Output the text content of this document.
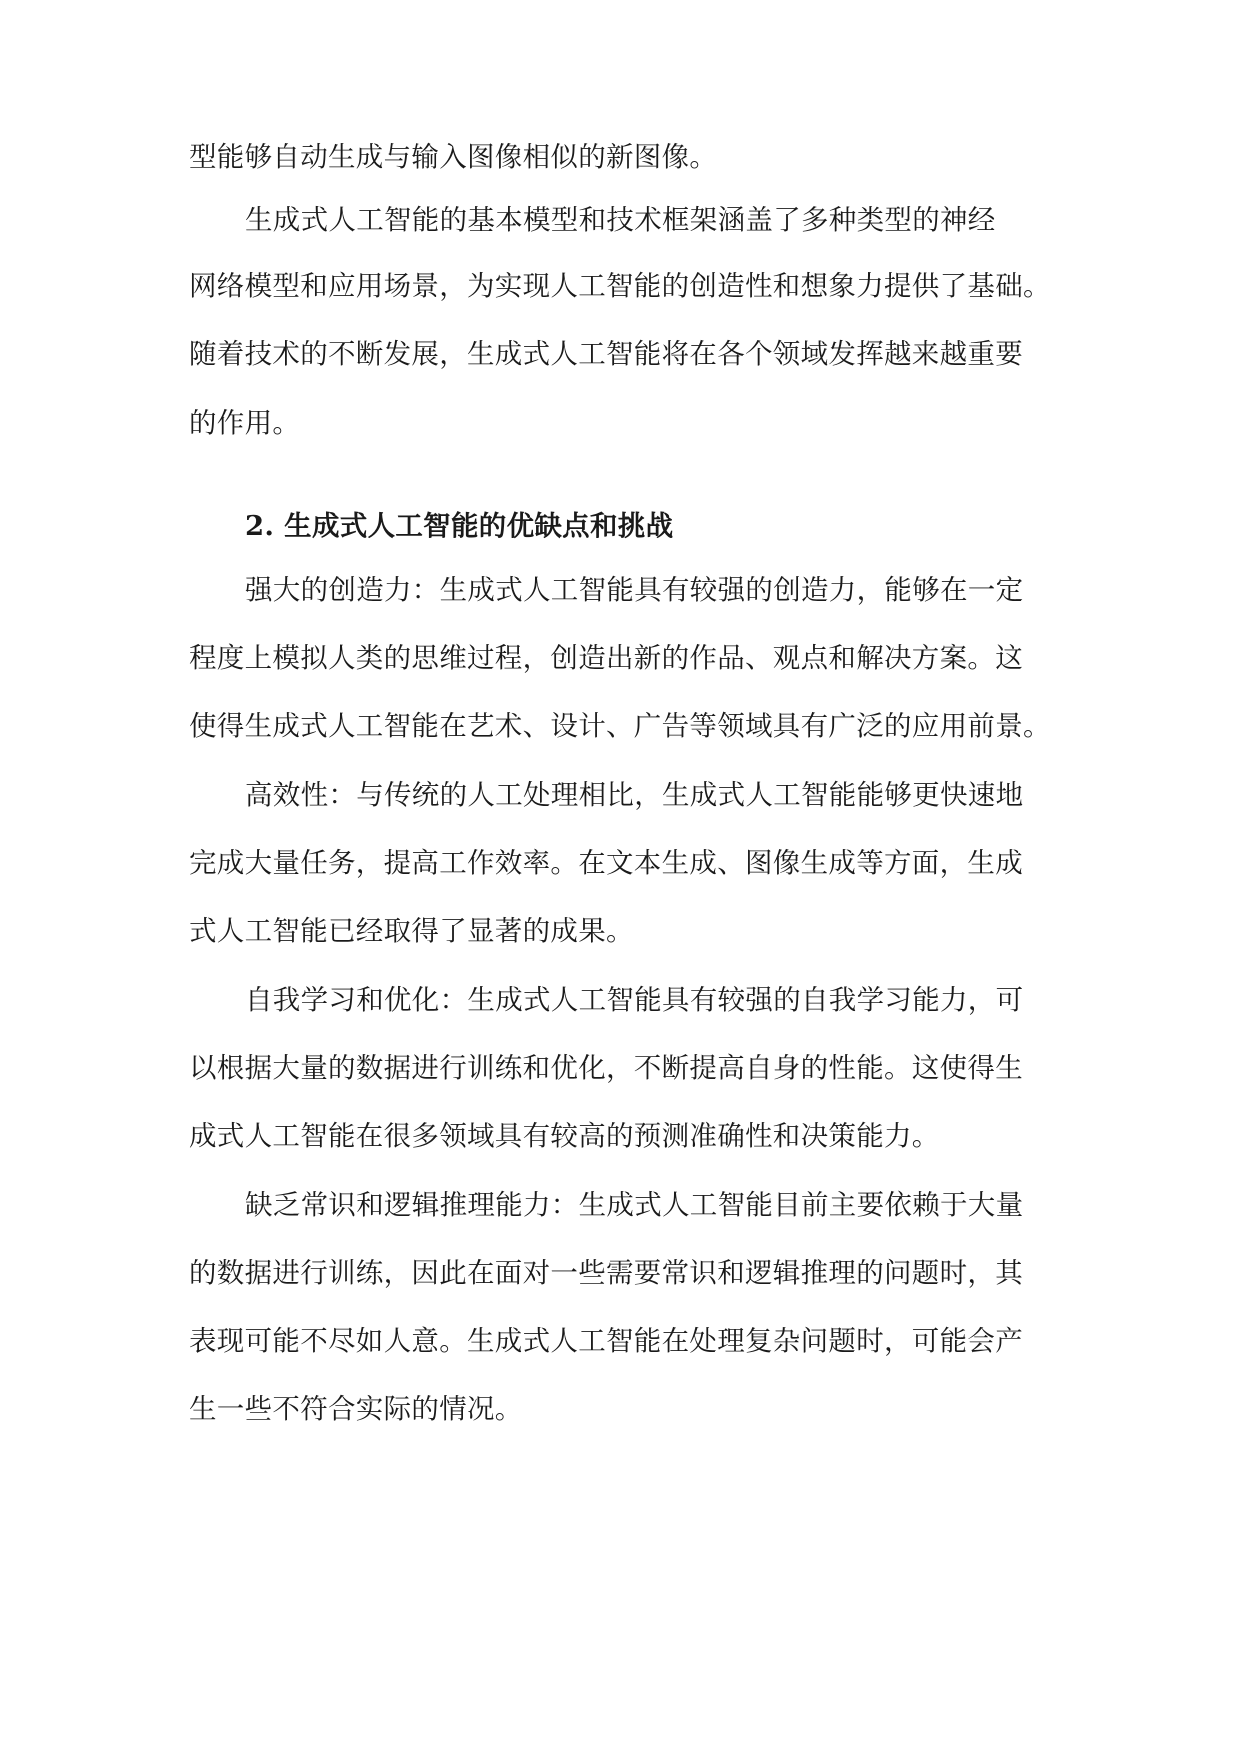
型能够自动生成与输入图像相似的新图像。
生成式人工智能的基本模型和技术框架涵盖了多种类型的神经
网络模型和应用场景，为实现人工智能的创造性和想象力提供了基础。
随着技术的不断发展，生成式人工智能将在各个领域发挥越来越重要
的作用。
2. 生成式人工智能的优缺点和挑战
强大的创造力：生成式人工智能具有较强的创造力，能够在一定
程度上模拟人类的思维过程，创造出新的作品、观点和解决方案。这
使得生成式人工智能在艺术、设计、广告等领域具有广泛的应用前景。
高效性：与传统的人工处理相比，生成式人工智能能够更快速地
完成大量任务，提高工作效率。在文本生成、图像生成等方面，生成
式人工智能已经取得了显著的成果。
自我学习和优化：生成式人工智能具有较强的自我学习能力，可
以根据大量的数据进行训练和优化，不断提高自身的性能。这使得生
成式人工智能在很多领域具有较高的预测准确性和决策能力。
缺乏常识和逻辑推理能力：生成式人工智能目前主要依赖于大量
的数据进行训练，因此在面对一些需要常识和逻辑推理的问题时，其
表现可能不尽如人意。生成式人工智能在处理复杂问题时，可能会产
生一些不符合实际的情况。
